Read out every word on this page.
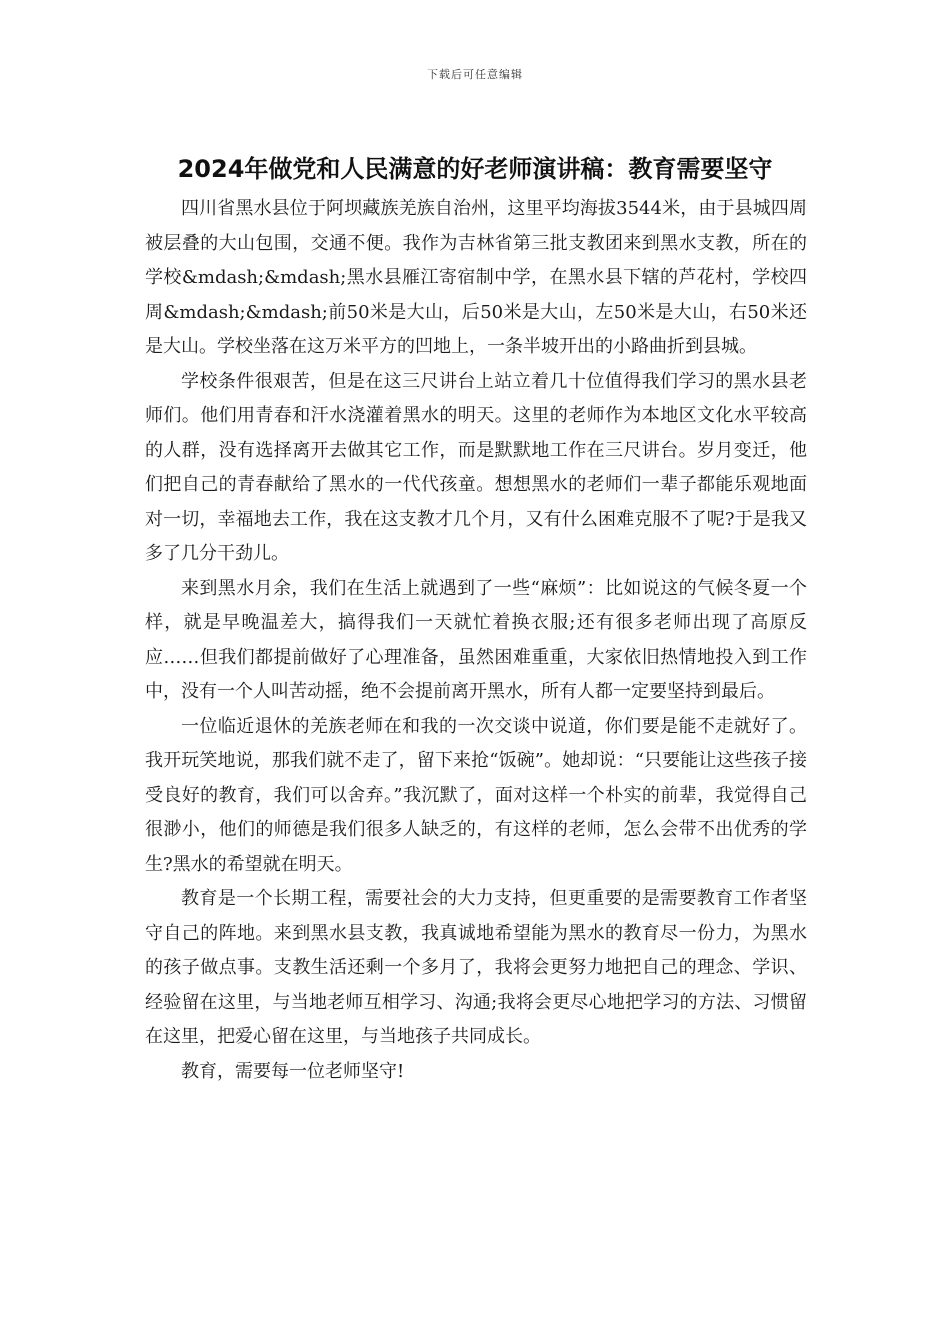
下载后可任意编辑
2024年做党和人民满意的好老师演讲稿：教育需要坚守

四川省黑水县位于阿坝藏族羌族自治州，这里平均海拔3544米，由于县城四周被层叠的大山包围，交通不便。我作为吉林省第三批支教团来到黑水支教，所在的学校&mdash;&mdash;黑水县雁江寄宿制中学，在黑水县下辖的芦花村，学校四周&mdash;&mdash;前50米是大山，后50米是大山，左50米是大山，右50米还是大山。学校坐落在这万米平方的凹地上，一条半坡开出的小路曲折到县城。

学校条件很艰苦，但是在这三尺讲台上站立着几十位值得我们学习的黑水县老师们。他们用青春和汗水浇灌着黑水的明天。这里的老师作为本地区文化水平较高的人群，没有选择离开去做其它工作，而是默默地工作在三尺讲台。岁月变迁，他们把自己的青春献给了黑水的一代代孩童。想想黑水的老师们一辈子都能乐观地面对一切，幸福地去工作，我在这支教才几个月，又有什么困难克服不了呢?于是我又多了几分干劲儿。

来到黑水月余，我们在生活上就遇到了一些“麻烦”：比如说这的气候冬夏一个样，就是早晚温差大，搞得我们一天就忙着换衣服;还有很多老师出现了高原反应……但我们都提前做好了心理准备，虽然困难重重，大家依旧热情地投入到工作中，没有一个人叫苦动摇，绝不会提前离开黑水，所有人都一定要坚持到最后。

一位临近退休的羌族老师在和我的一次交谈中说道，你们要是能不走就好了。我开玩笑地说，那我们就不走了，留下来抢“饭碗”。她却说：“只要能让这些孩子接受良好的教育，我们可以舍弃。”我沉默了，面对这样一个朴实的前辈，我觉得自己很渺小，他们的师德是我们很多人缺乏的，有这样的老师，怎么会带不出优秀的学生?黑水的希望就在明天。

教育是一个长期工程，需要社会的大力支持，但更重要的是需要教育工作者坚守自己的阵地。来到黑水县支教，我真诚地希望能为黑水的教育尽一份力，为黑水的孩子做点事。支教生活还剩一个多月了，我将会更努力地把自己的理念、学识、经验留在这里，与当地老师互相学习、沟通;我将会更尽心地把学习的方法、习惯留在这里，把爱心留在这里，与当地孩子共同成长。

教育，需要每一位老师坚守!
